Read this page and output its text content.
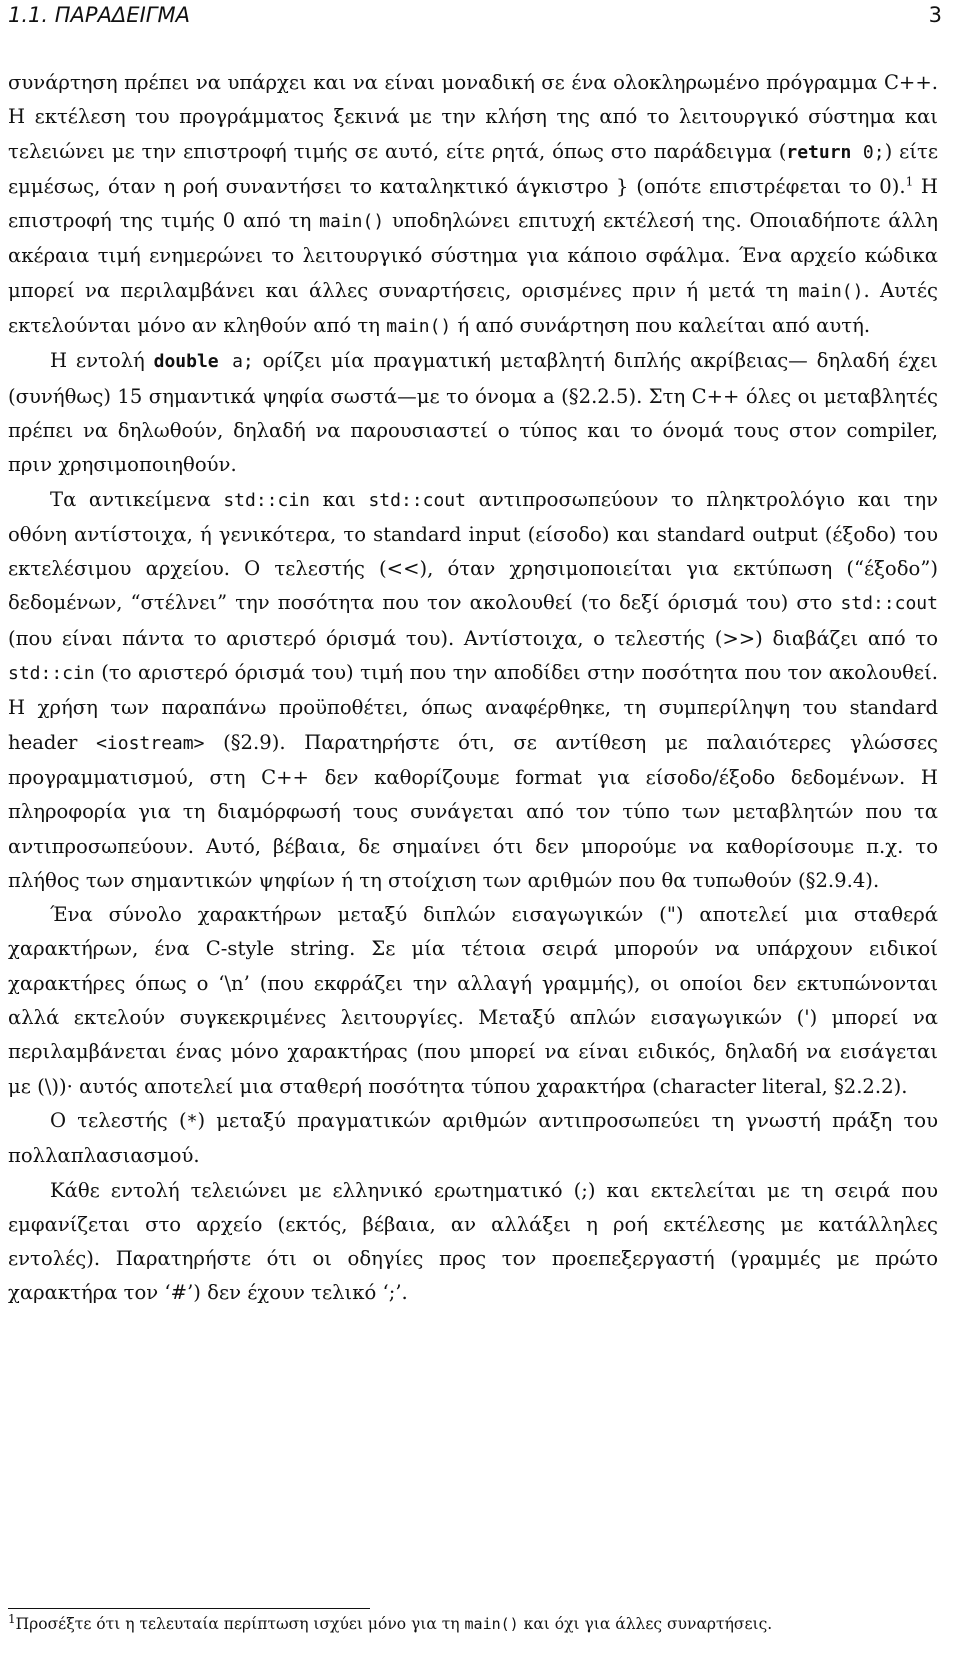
1.1. ΠΑΡΑΔΕΙΓΜΑ	3

συνάρτηση πρέπει να υπάρχει και να είναι μοναδική σε ένα ολοκληρωμένο πρόγραμμα C++. Η εκτέλεση του προγράμματος ξεκινά με την κλήση της από το λειτουργικό σύστημα και τελειώνει με την επιστροφή τιμής σε αυτό, είτε ρητά, όπως στο παράδειγμα (return 0;) είτε εμμέσως, όταν η ροή συναντήσει το καταληκτικό άγκιστρο } (οπότε επιστρέφεται το 0).$^1$ Η επιστροφή της τιμής 0 από τη main() υποδηλώνει επιτυχή εκτέλεσή της. Οποιαδήποτε άλλη ακέραια τιμή ενημερώνει το λειτουργικό σύστημα για κάποιο σφάλμα. Ένα αρχείο κώδικα μπορεί να περιλαμβάνει και άλλες συναρτήσεις, ορισμένες πριν ή μετά τη main(). Αυτές εκτελούνται μόνο αν κληθούν από τη main() ή από συνάρτηση που καλείται από αυτή.

Η εντολή double a; ορίζει μία πραγματική μεταβλητή διπλής ακρίβειας— δηλαδή έχει (συνήθως) 15 σημαντικά ψηφία σωστά—με το όνομα a (§2.2.5). Στη C++ όλες οι μεταβλητές πρέπει να δηλωθούν, δηλαδή να παρουσιαστεί ο τύπος και το όνομά τους στον compiler, πριν χρησιμοποιηθούν.

Τα αντικείμενα std::cin και std::cout αντιπροσωπεύουν το πληκτρολόγιο και την οθόνη αντίστοιχα, ή γενικότερα, το standard input (είσοδο) και standard output (έξοδο) του εκτελέσιμου αρχείου. Ο τελεστής (<<), όταν χρησιμοποιείται για εκτύπωση (“έξοδο”) δεδομένων, “στέλνει” την ποσότητα που τον ακολουθεί (το δεξί όρισμά του) στο std::cout (που είναι πάντα το αριστερό όρισμά του). Αντίστοιχα, ο τελεστής (>>) διαβάζει από το std::cin (το αριστερό όρισμά του) τιμή που την αποδίδει στην ποσότητα που τον ακολουθεί. Η χρήση των παραπάνω προϋποθέτει, όπως αναφέρθηκε, τη συμπερίληψη του standard header <iostream> (§2.9). Παρατηρήστε ότι, σε αντίθεση με παλαιότερες γλώσσες προγραμματισμού, στη C++ δεν καθορίζουμε format για είσοδο/έξοδο δεδομένων. Η πληροφορία για τη διαμόρφωσή τους συνάγεται από τον τύπο των μεταβλητών που τα αντιπροσωπεύουν. Αυτό, βέβαια, δε σημαίνει ότι δεν μπορούμε να καθορίσουμε π.χ. το πλήθος των σημαντικών ψηφίων ή τη στοίχιση των αριθμών που θα τυπωθούν (§2.9.4).

Ένα σύνολο χαρακτήρων μεταξύ διπλών εισαγωγικών (") αποτελεί μια σταθερά χαρακτήρων, ένα C-style string. Σε μία τέτοια σειρά μπορούν να υπάρχουν ειδικοί χαρακτήρες όπως ο ‘\n’ (που εκφράζει την αλλαγή γραμμής), οι οποίοι δεν εκτυπώνονται αλλά εκτελούν συγκεκριμένες λειτουργίες. Μεταξύ απλών εισαγωγικών (') μπορεί να περιλαμβάνεται ένας μόνο χαρακτήρας (που μπορεί να είναι ειδικός, δηλαδή να εισάγεται με (\))· αυτός αποτελεί μια σταθερή ποσότητα τύπου χαρακτήρα (character literal, §2.2.2).

Ο τελεστής (*) μεταξύ πραγματικών αριθμών αντιπροσωπεύει τη γνωστή πράξη του πολλαπλασιασμού.

Κάθε εντολή τελειώνει με ελληνικό ερωτηματικό (;) και εκτελείται με τη σειρά που εμφανίζεται στο αρχείο (εκτός, βέβαια, αν αλλάξει η ροή εκτέλεσης με κατάλληλες εντολές). Παρατηρήστε ότι οι οδηγίες προς τον προεπεξεργαστή (γραμμές με πρώτο χαρακτήρα τον ‘#’) δεν έχουν τελικό ‘;’.

$^1$Προσέξτε ότι η τελευταία περίπτωση ισχύει μόνο για τη main() και όχι για άλλες συναρτήσεις.
